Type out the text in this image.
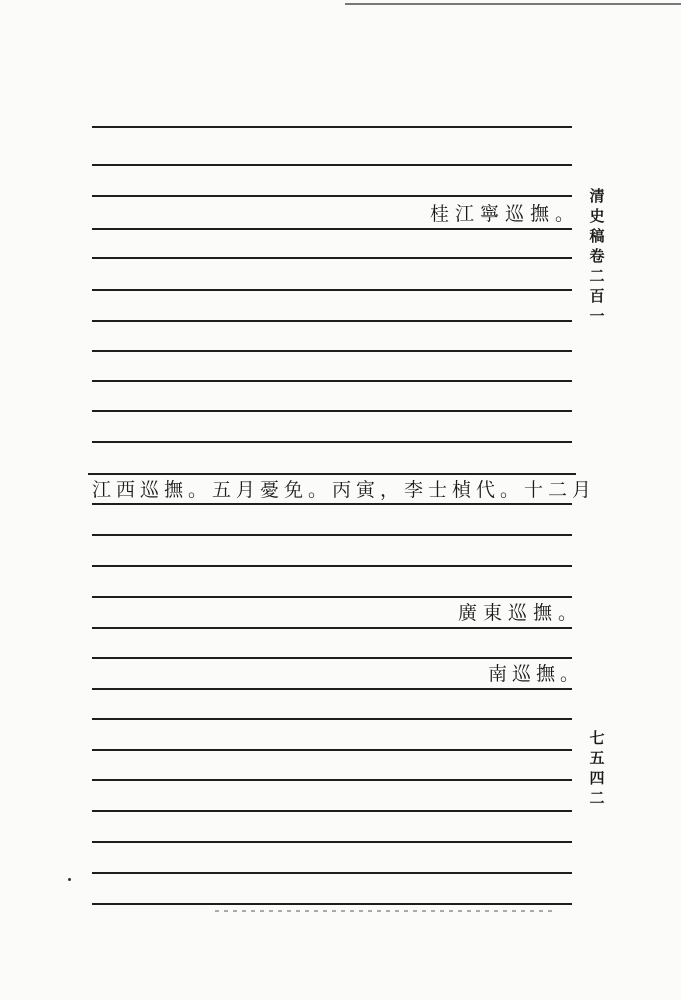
桂江寧巡撫。
江西巡撫。五月憂免。丙寅，李士楨代。十二月
廣東巡撫。
南巡撫。
清
史
稿
卷
二
百
一
七
五
四
二
